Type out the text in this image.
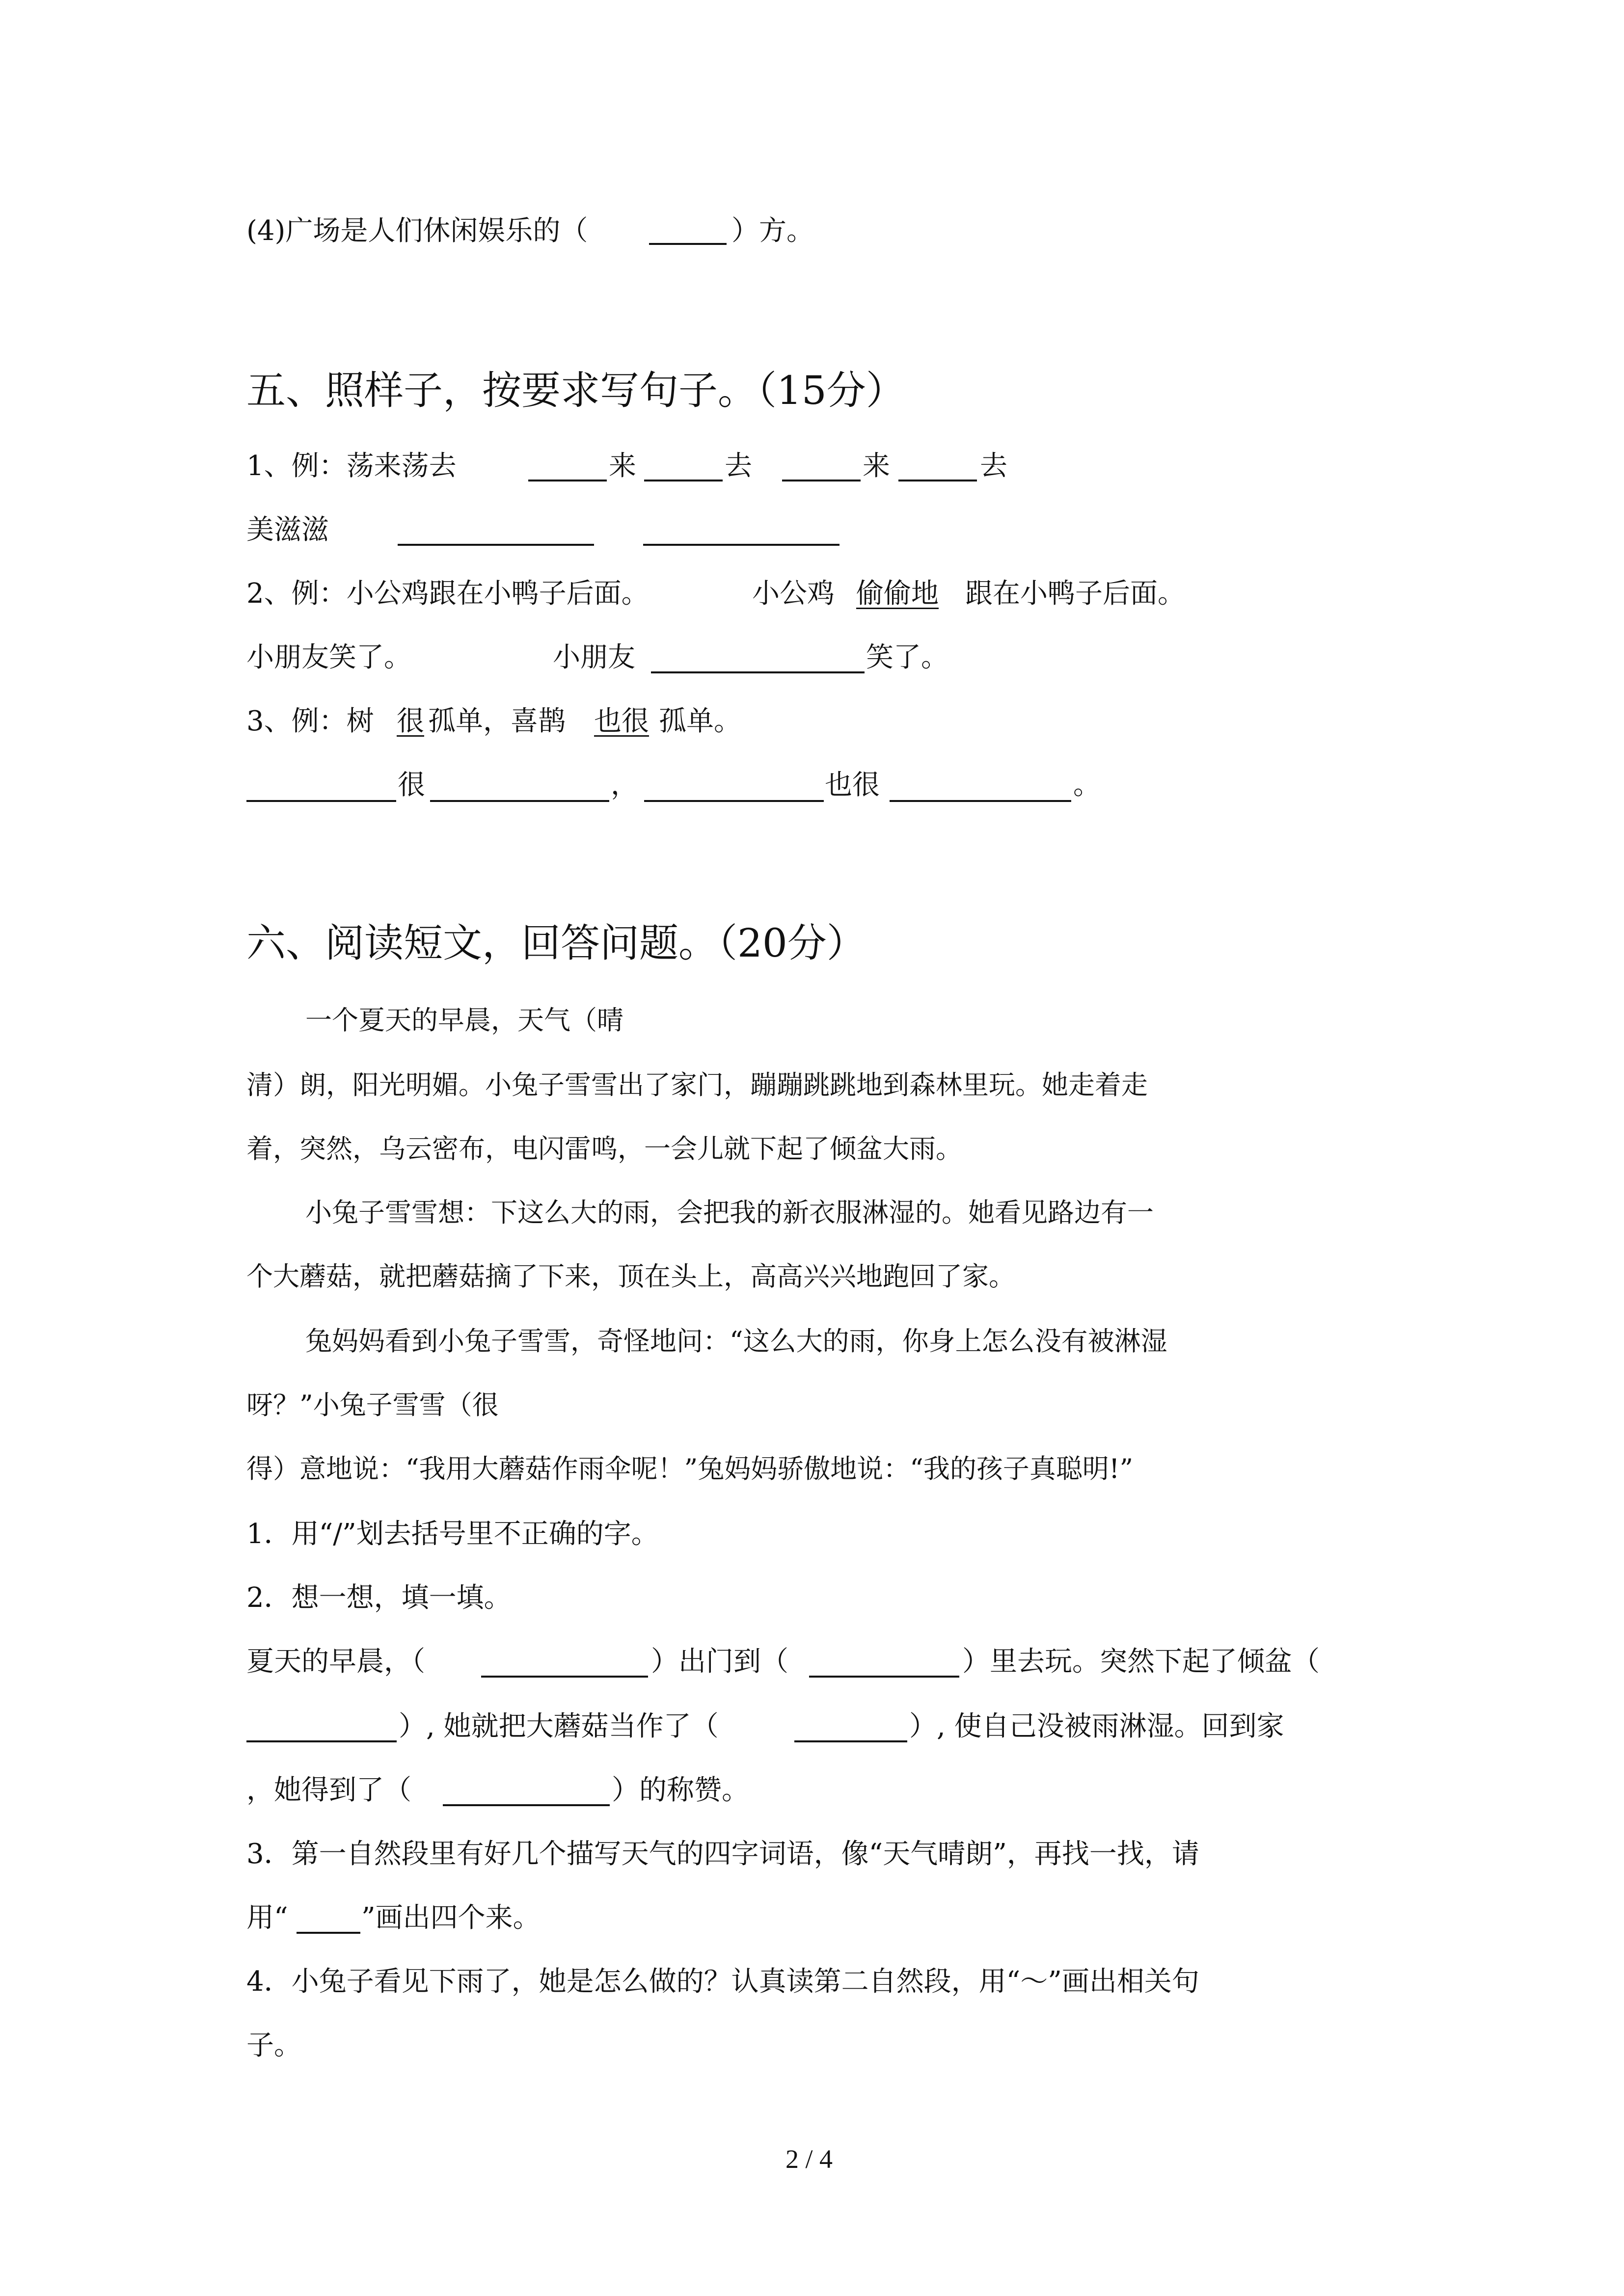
(4)广场是人们休闲娱乐的（	）方。
五、照样子，按要求写句子。（15分）
1、例：荡来荡去	来	去	来	去
美滋滋
2、例：小公鸡跟在小鸭子后面。	小公鸡 偷偷地 跟在小鸭子后面。
小朋友笑了。	小朋友	笑了。
3、例：树 很 孤单，喜鹊 也很 孤单。
很	，	也很	。
六、阅读短文，回答问题。（20分）
一个夏天的早晨，天气（晴
清）朗，阳光明媚。小兔子雪雪出了家门，蹦蹦跳跳地到森林里玩。她走着走
着，突然，乌云密布，电闪雷鸣，一会儿就下起了倾盆大雨。
小兔子雪雪想：下这么大的雨，会把我的新衣服淋湿的。她看见路边有一
个大蘑菇，就把蘑菇摘了下来，顶在头上，高高兴兴地跑回了家。
兔妈妈看到小兔子雪雪，奇怪地问：“这么大的雨，你身上怎么没有被淋湿
呀？”小兔子雪雪（很
得）意地说：“我用大蘑菇作雨伞呢！”兔妈妈骄傲地说：“我的孩子真聪明!”
1．用“/”划去括号里不正确的字。
2．想一想，填一填。
夏天的早晨，（	）出门到（	）里去玩。突然下起了倾盆（
）, 她就把大蘑菇当作了（	）, 使自己没被雨淋湿。回到家
，她得到了（	）的称赞。
3．第一自然段里有好几个描写天气的四字词语，像“天气晴朗”，再找一找，请
用“	”画出四个来。
4．小兔子看见下雨了，她是怎么做的？认真读第二自然段，用“～”画出相关句
子。
2 / 4
